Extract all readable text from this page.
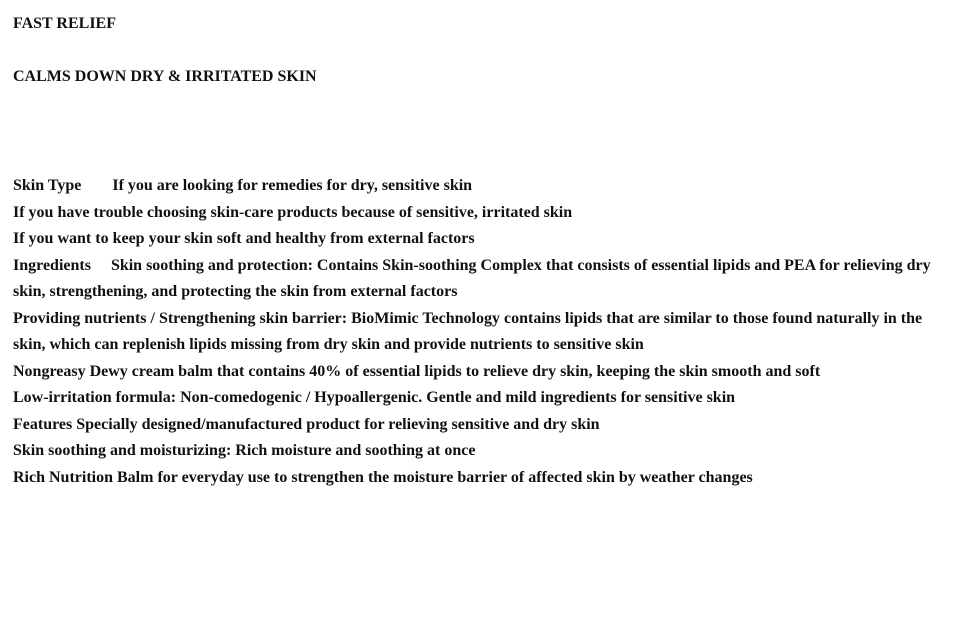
FAST RELIEF
CALMS DOWN DRY & IRRITATED SKIN
Skin Type If you are looking for remedies for dry, sensitive skin
If you have trouble choosing skin-care products because of sensitive, irritated skin
If you want to keep your skin soft and healthy from external factors
Ingredients Skin soothing and protection: Contains Skin-soothing Complex that consists of essential lipids and PEA for relieving dry skin, strengthening, and protecting the skin from external factors
Providing nutrients / Strengthening skin barrier: BioMimic Technology contains lipids that are similar to those found naturally in the skin, which can replenish lipids missing from dry skin and provide nutrients to sensitive skin
Nongreasy Dewy cream balm that contains 40% of essential lipids to relieve dry skin, keeping the skin smooth and soft
Low-irritation formula: Non-comedogenic / Hypoallergenic. Gentle and mild ingredients for sensitive skin
Features Specially designed/manufactured product for relieving sensitive and dry skin
Skin soothing and moisturizing: Rich moisture and soothing at once
Rich Nutrition Balm for everyday use to strengthen the moisture barrier of affected skin by weather changes
